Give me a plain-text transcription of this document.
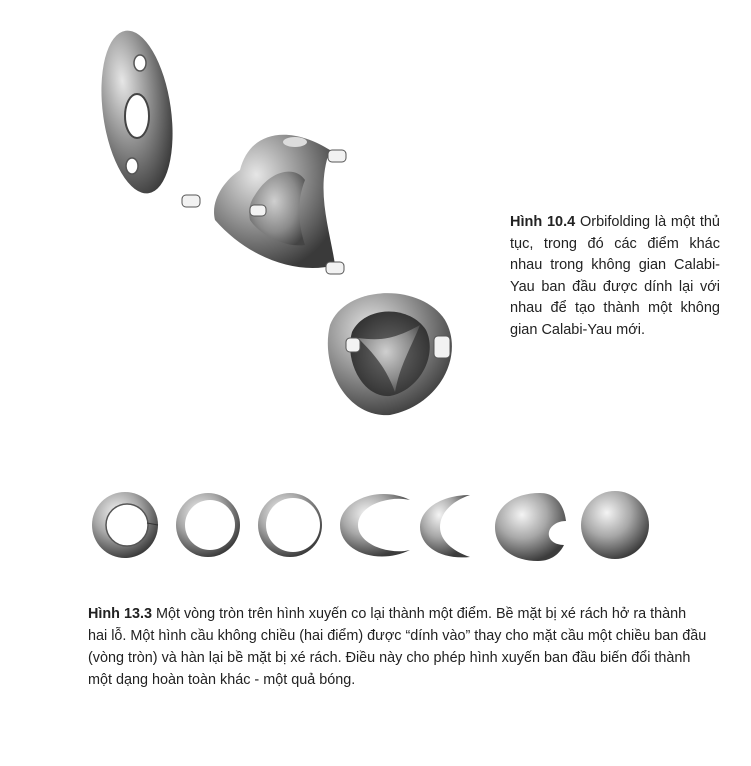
Hình 10.4 Orbifolding là một thủ tục, trong đó các điểm khác nhau trong không gian Calabi-Yau ban đầu được dính lại với nhau để tạo thành một không gian Calabi-Yau mới.
Hình 13.3 Một vòng tròn trên hình xuyến co lại thành một điểm. Bề mặt bị xé rách hở ra thành hai lỗ. Một hình cầu không chiều (hai điểm) được “dính vào” thay cho mặt cầu một chiều ban đầu (vòng tròn) và hàn lại bề mặt bị xé rách. Điều này cho phép hình xuyến ban đầu biến đổi thành một dạng hoàn toàn khác - một quả bóng.
